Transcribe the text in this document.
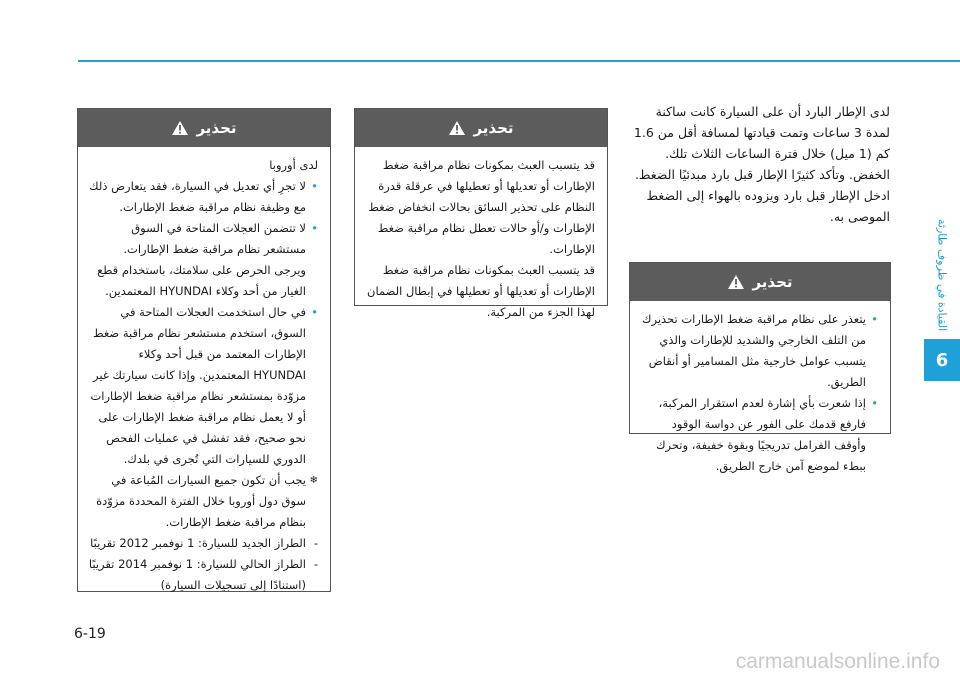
القيادة في ظروف طارئة
6
6-19
carmanualsonline.info

لدى الإطار البارد أن على السيارة كانت ساكنة لمدة 3 ساعات وتمت قيادتها لمسافة أقل من 1.6 كم (1 ميل) خلال فترة الساعات الثلاث تلك. الخفض. وتأكد كثيرًا الإطار قبل بارد مبدئيًا الضغط. ادخل الإطار قبل بارد ويزوده بالهواء إلى الضغط الموصى به.

تحذير
• يتعذر على نظام مراقبة ضغط الإطارات تحذيرك من التلف الخارجي والشديد للإطارات والذي يتسبب عوامل خارجية مثل المسامير أو أنقاض الطريق.
• إذا شعرت بأي إشارة لعدم استقرار المركبة، فارفع قدمك على الفور عن دواسة الوقود وأوقف الفرامل تدريجيًا وبقوة خفيفة، وتحرك ببطء لموضع آمن خارج الطريق.
تحذير

قد يتسبب العبث بمكونات نظام مراقبة ضغط الإطارات أو تعديلها أو تعطيلها في عرقلة قدرة النظام على تحذير السائق بحالات انخفاض ضغط الإطارات و/أو حالات تعطل نظام مراقبة ضغط الإطارات.

قد يتسبب العبث بمكونات نظام مراقبة ضغط الإطارات أو تعديلها أو تعطيلها في إبطال الضمان لهذا الجزء من المركبة.

تحذير

لدى أوروبا

• لا تجرِ أي تعديل في السيارة، فقد يتعارض ذلك مع وظيفة نظام مراقبة ضغط الإطارات.
• لا تتضمن العجلات المتاحة في السوق مستشعر نظام مراقبة ضغط الإطارات. ويرجى الحرص على سلامتك، باستخدام قطع الغيار من أحد وكلاء HYUNDAI المعتمدين.
• في حال استخدمت العجلات المتاحة في السوق، استخدم مستشعر نظام مراقبة ضغط الإطارات المعتمد من قبل أحد وكلاء HYUNDAI المعتمدين. وإذا كانت سيارتك غير مزوّدة بمستشعر نظام مراقبة ضغط الإطارات أو لا يعمل نظام مراقبة ضغط الإطارات على نحو صحيح، فقد تفشل في عمليات الفحص الدوري للسيارات التي تُجرى في بلدك.
❄ يجب أن تكون جميع السيارات المُباعة في سوق دول أوروبا خلال الفترة المحددة مزوّدة بنظام مراقبة ضغط الإطارات.
- الطراز الجديد للسيارة: 1 نوفمبر 2012 تقريبًا
- الطراز الحالي للسيارة: 1 نوفمبر 2014 تقريبًا (استنادًا إلى تسجيلات السيارة)
